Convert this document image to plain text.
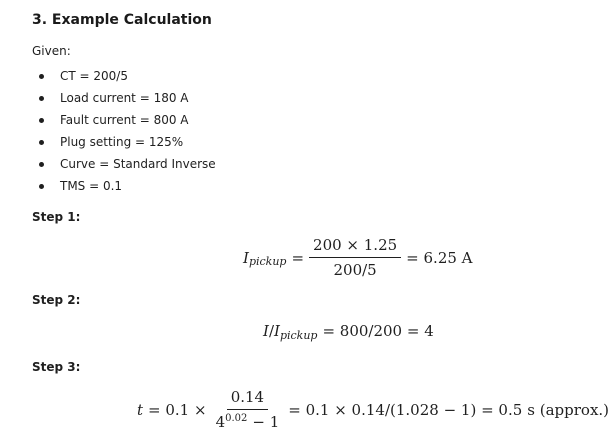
3. Example Calculation
Given:
CT = 200/5
Load current = 180 A
Fault current = 800 A
Plug setting = 125%
Curve = Standard Inverse
TMS = 0.1
Step 1:
I pickup = $\frac{200 \times 1.25}{200/5} = 6.25$ A
Step 2:
I / I pickup = 800/200 = 4
Step 3:
$t = 0.1 \times \frac{0.14}{4^{0.02} - 1} = 0.1 \times 0.14/(1.028 - 1) = 0.5$ s (approx.)
